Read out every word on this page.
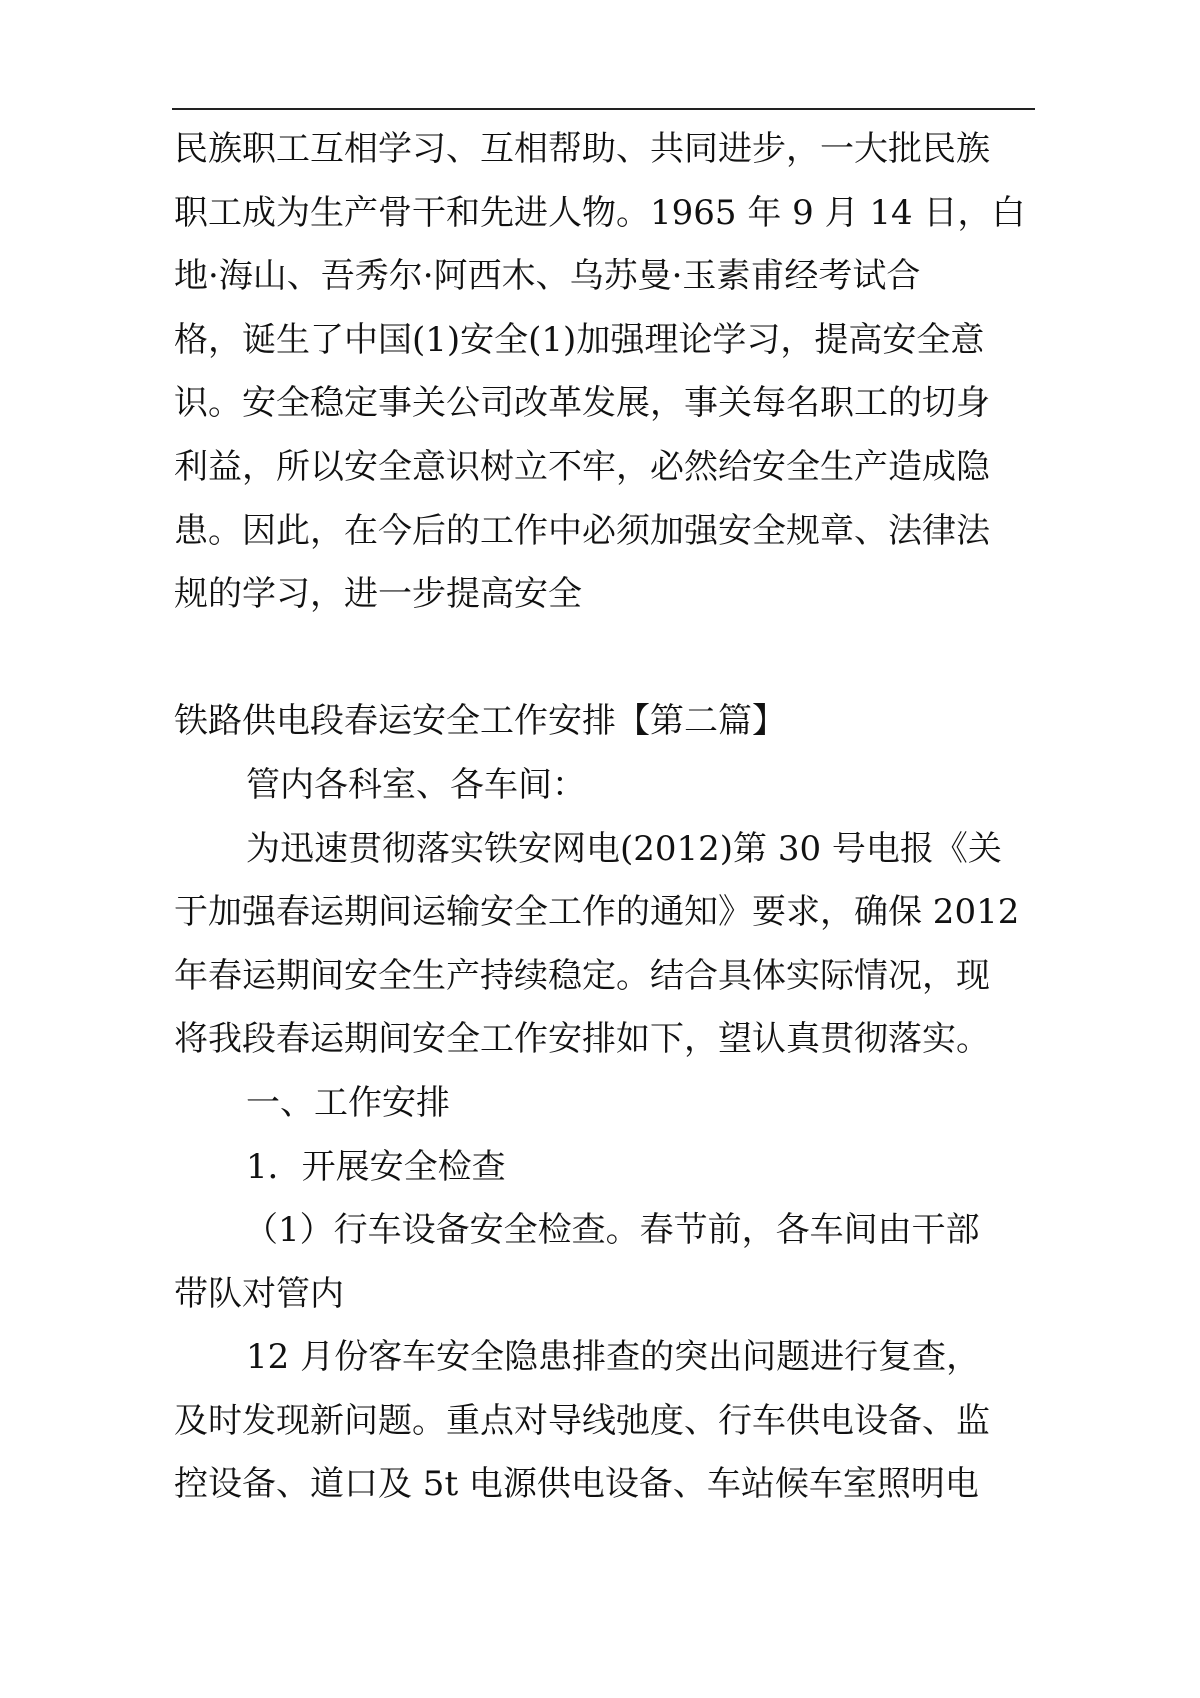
民族职工互相学习、互相帮助、共同进步，一大批民族
职工成为生产骨干和先进人物。1965 年 9 月 14 日，白
地·海山、吾秀尔·阿西木、乌苏曼·玉素甫经考试合
格，诞生了中国(1)安全(1)加强理论学习，提高安全意
识。安全稳定事关公司改革发展，事关每名职工的切身
利益，所以安全意识树立不牢，必然给安全生产造成隐
患。因此，在今后的工作中必须加强安全规章、法律法
规的学习，进一步提高安全
铁路供电段春运安全工作安排【第二篇】
管内各科室、各车间：
为迅速贯彻落实铁安网电(2012)第 30 号电报《关
于加强春运期间运输安全工作的通知》要求，确保 2012
年春运期间安全生产持续稳定。结合具体实际情况，现
将我段春运期间安全工作安排如下，望认真贯彻落实。
一、工作安排
1．开展安全检查
（1）行车设备安全检查。春节前，各车间由干部
带队对管内
12 月份客车安全隐患排查的突出问题进行复查，
及时发现新问题。重点对导线弛度、行车供电设备、监
控设备、道口及 5t 电源供电设备、车站候车室照明电
